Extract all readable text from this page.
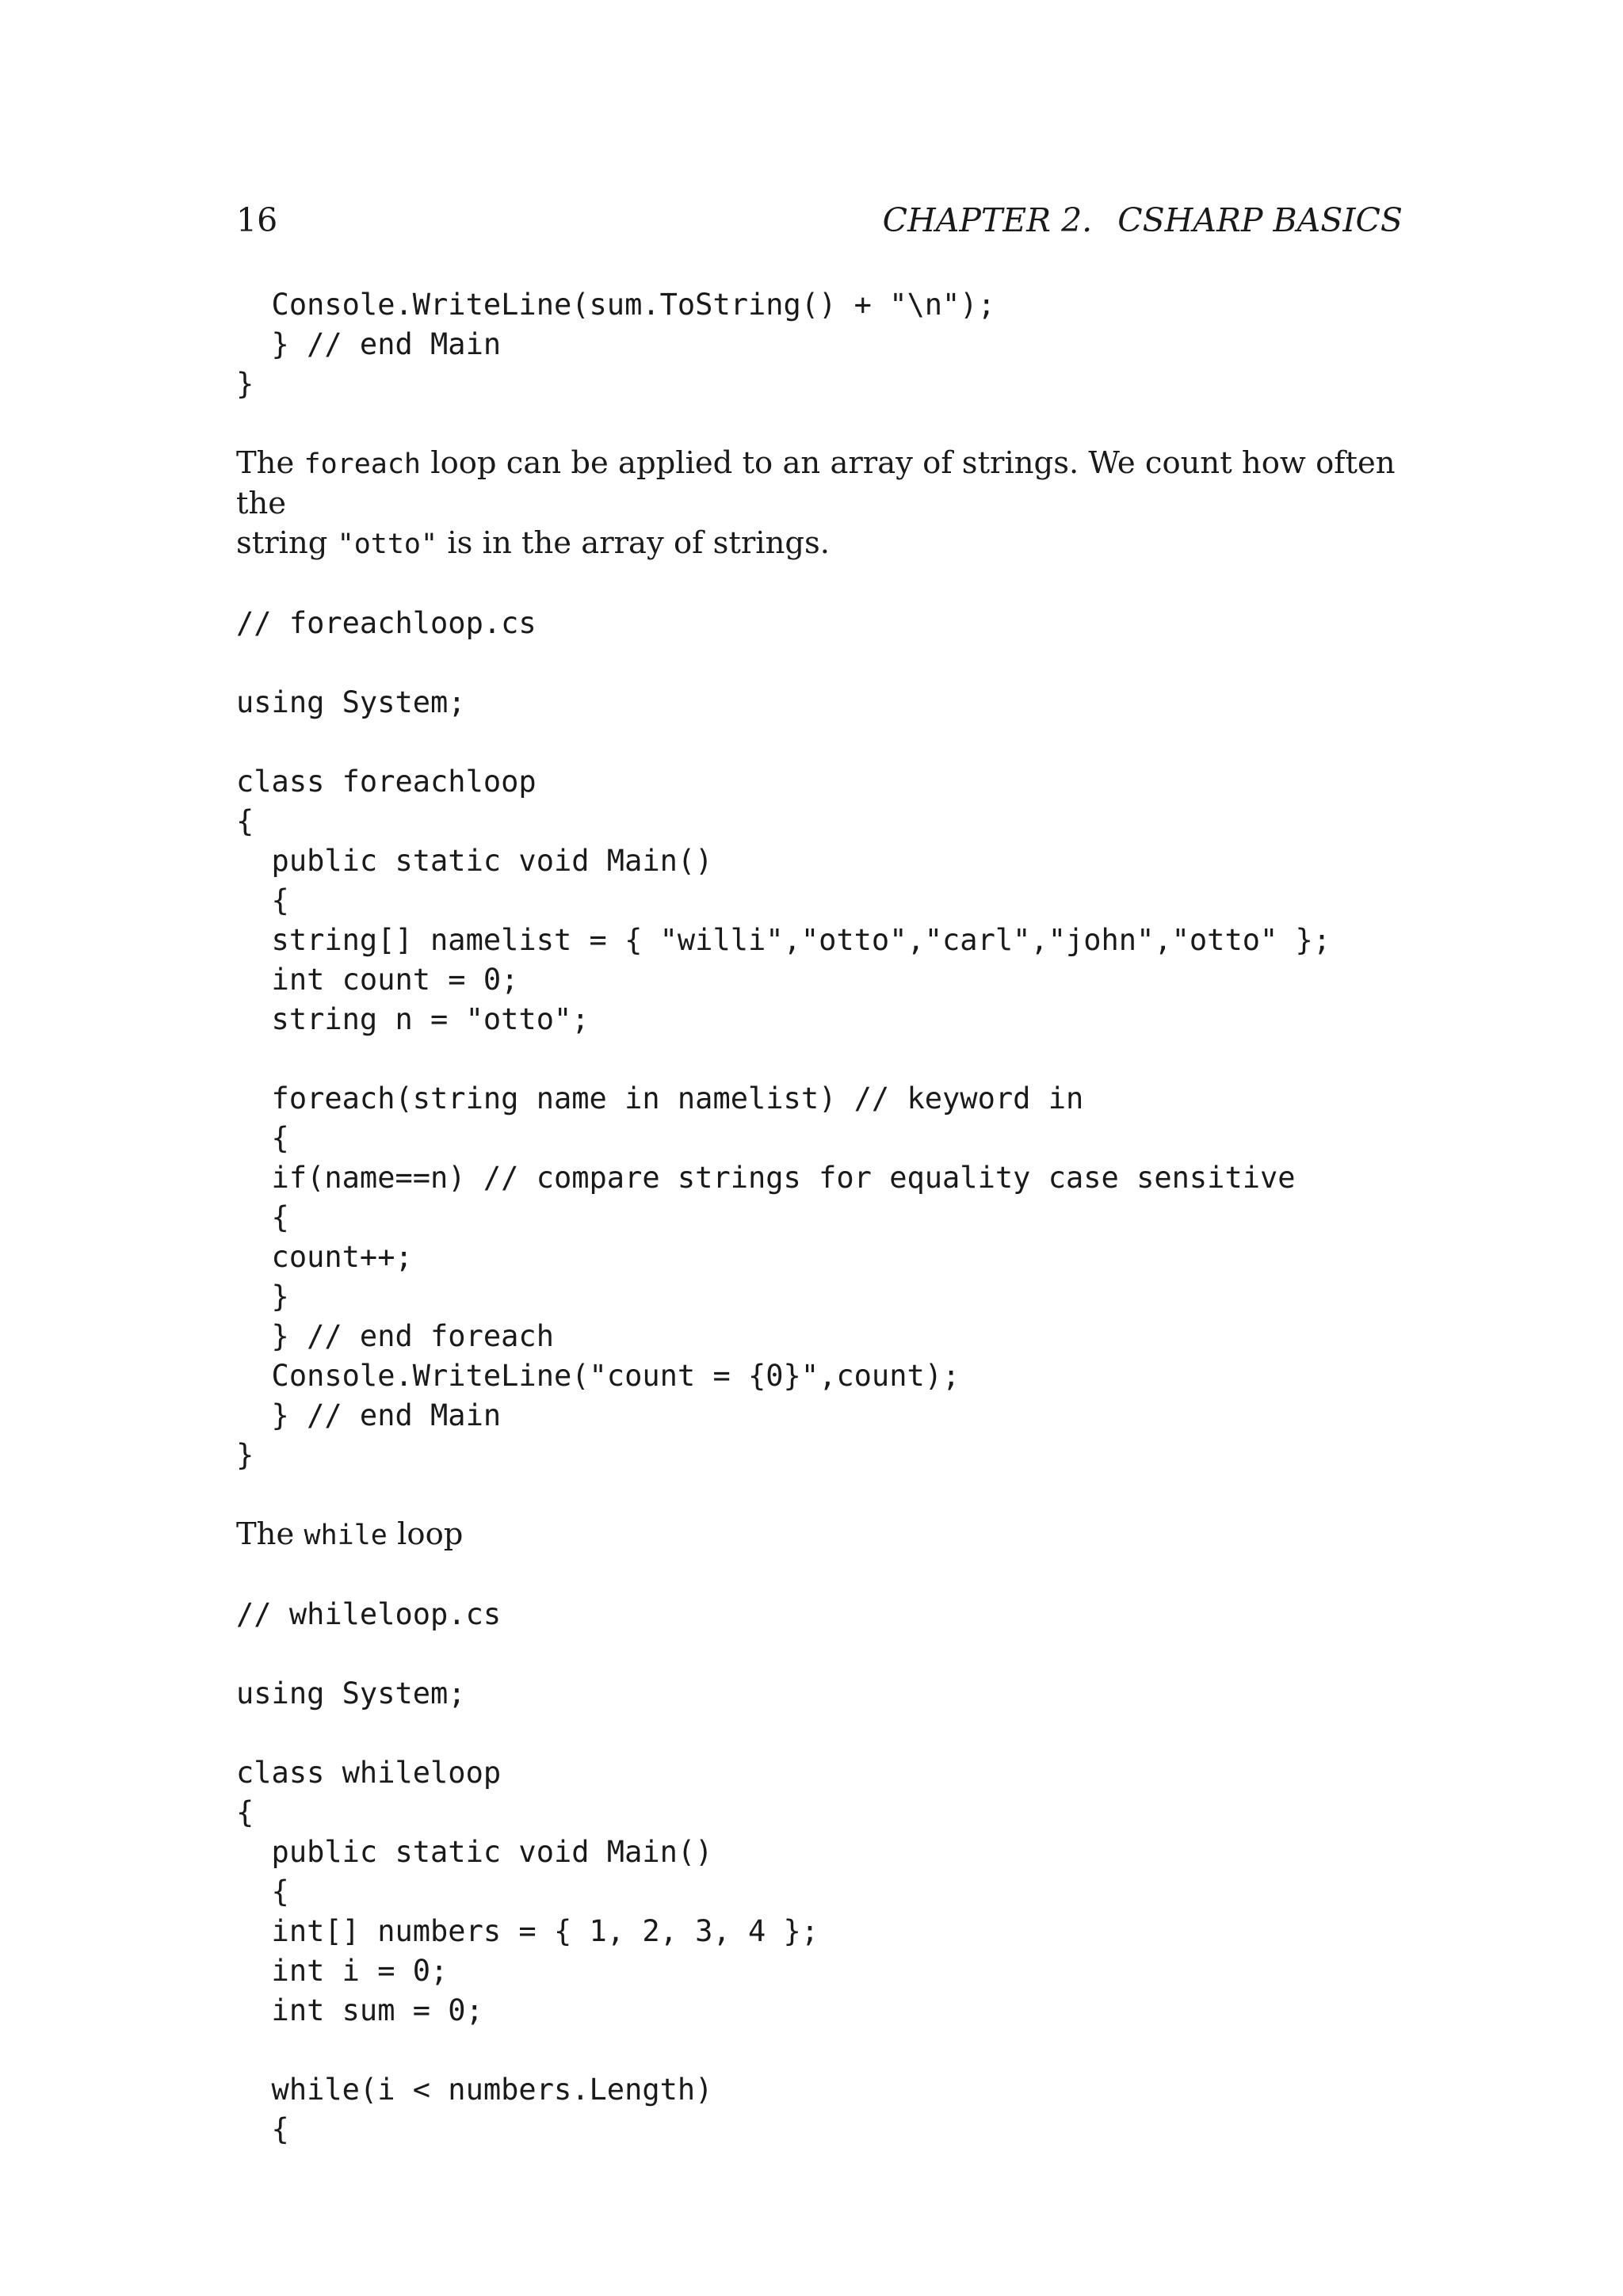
16	CHAPTER 2. CSHARP BASICS
Console.WriteLine(sum.ToString() + "\n");
} // end Main
}

The foreach loop can be applied to an array of strings. We count how often the
string "otto" is in the array of strings.

// foreachloop.cs
using System;
class foreachloop
{
public static void Main()
{
string[] namelist = { "willi","otto","carl","john","otto" };
int count = 0;
string n = "otto";
foreach(string name in namelist) // keyword in
{
if(name==n) // compare strings for equality case sensitive
{
count++;
}
} // end foreach
Console.WriteLine("count = {0}",count);
} // end Main
}

The while loop

// whileloop.cs
using System;
class whileloop
{
public static void Main()
{
int[] numbers = { 1, 2, 3, 4 };
int i = 0;
int sum = 0;
while(i < numbers.Length)
{
